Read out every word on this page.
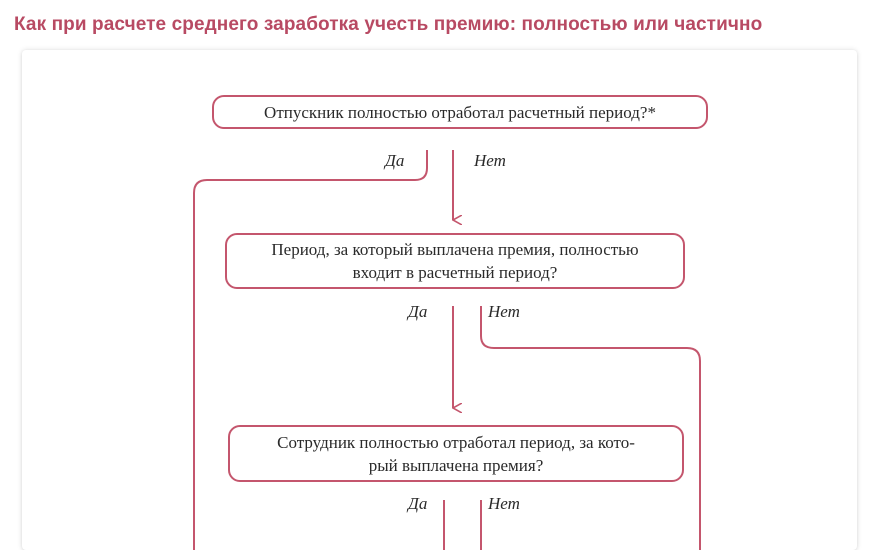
Как при расчете среднего заработка учесть премию: полностью или частично
Отпускник полностью отработал расчетный период?*
Да	Нет
Период, за который выплачена премия, полностью
входит в расчетный период?
Да	Нет
Сотрудник полностью отработал период, за кото-
рый выплачена премия?
Да	Нет
